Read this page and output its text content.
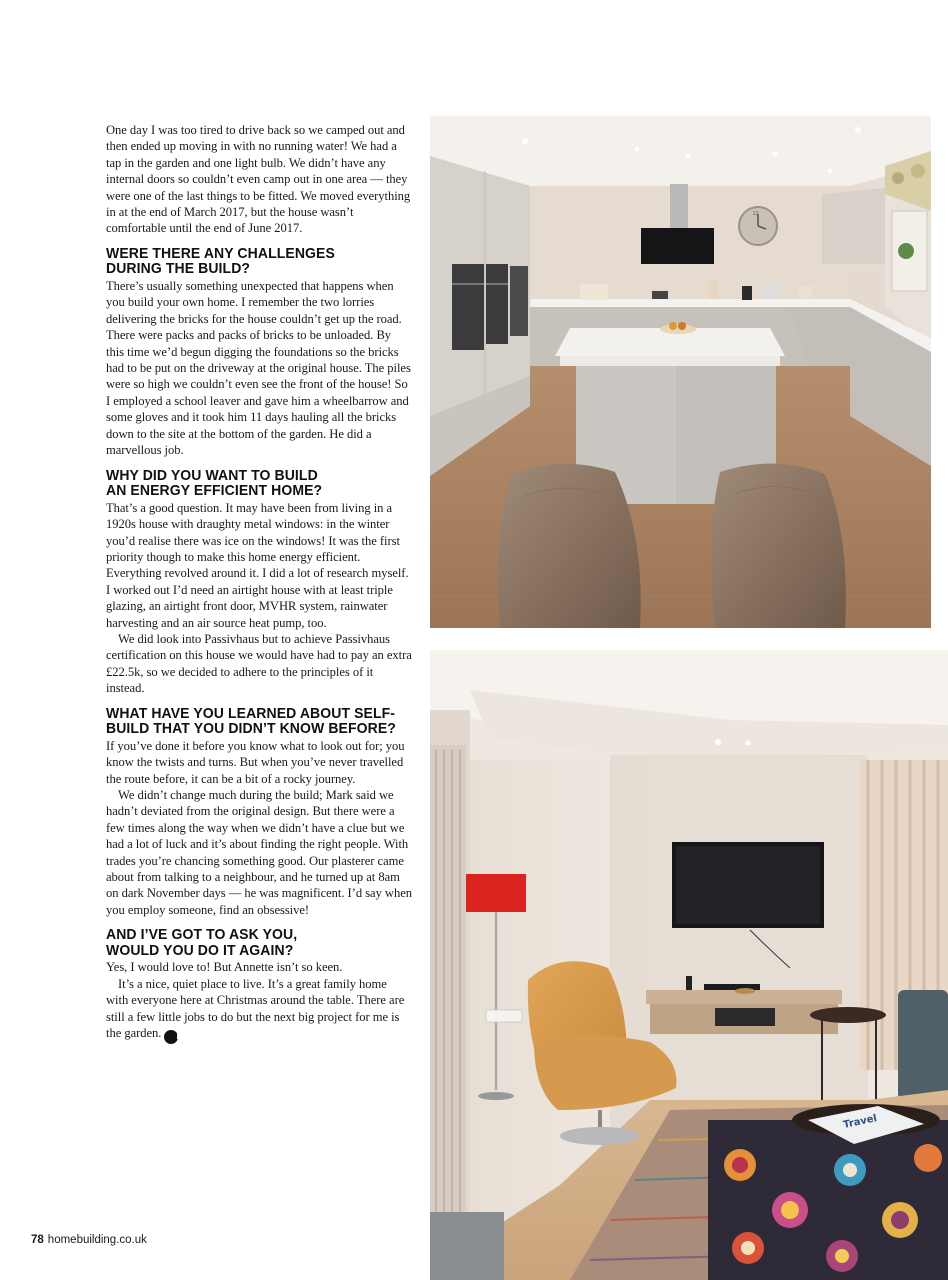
One day I was too tired to drive back so we camped out and then ended up moving in with no running water! We had a tap in the garden and one light bulb. We didn’t have any internal doors so couldn’t even camp out in one area — they were one of the last things to be fitted. We moved everything in at the end of March 2017, but the house wasn’t comfortable until the end of June 2017.

WERE THERE ANY CHALLENGES
DURING THE BUILD?

There’s usually something unexpected that happens when you build your own home. I remember the two lorries delivering the bricks for the house couldn’t get up the road. There were packs and packs of bricks to be unloaded. By this time we’d begun digging the foundations so the bricks had to be put on the driveway at the original house. The piles were so high we couldn’t even see the front of the house! So I employed a school leaver and gave him a wheelbarrow and some gloves and it took him 11 days hauling all the bricks down to the site at the bottom of the garden. He did a marvellous job.

WHY DID YOU WANT TO BUILD
AN ENERGY EFFICIENT HOME?

That’s a good question. It may have been from living in a 1920s house with draughty metal windows: in the winter you’d realise there was ice on the windows! It was the first priority though to make this home energy efficient. Everything revolved around it. I did a lot of research myself. I worked out I’d need an airtight house with at least triple glazing, an airtight front door, MVHR system, rainwater harvesting and an air source heat pump, too.

We did look into Passivhaus but to achieve Passivhaus certification on this house we would have had to pay an extra £22.5k, so we decided to adhere to the principles of it instead.

WHAT HAVE YOU LEARNED ABOUT SELF-
BUILD THAT YOU DIDN’T KNOW BEFORE?

If you’ve done it before you know what to look out for; you know the twists and turns. But when you’ve never travelled the route before, it can be a bit of a rocky journey.

We didn’t change much during the build; Mark said we hadn’t deviated from the original design. But there were a few times along the way when we didn’t have a clue but we had a lot of luck and it’s about finding the right people. With trades you’re chancing something good. Our plasterer came about from talking to a neighbour, and he turned up at 8am on dark November days — he was magnificent. I’d say when you employ someone, find an obsessive!

AND I’VE GOT TO ASK YOU,
WOULD YOU DO IT AGAIN?

Yes, I would love to! But Annette isn’t so keen.

It’s a nice, quiet place to live. It’s a great family home with everyone here at Christmas around the table. There are still a few little jobs to do but the next big project for me is the garden. H

78 homebuilding.co.uk
12
Travel
